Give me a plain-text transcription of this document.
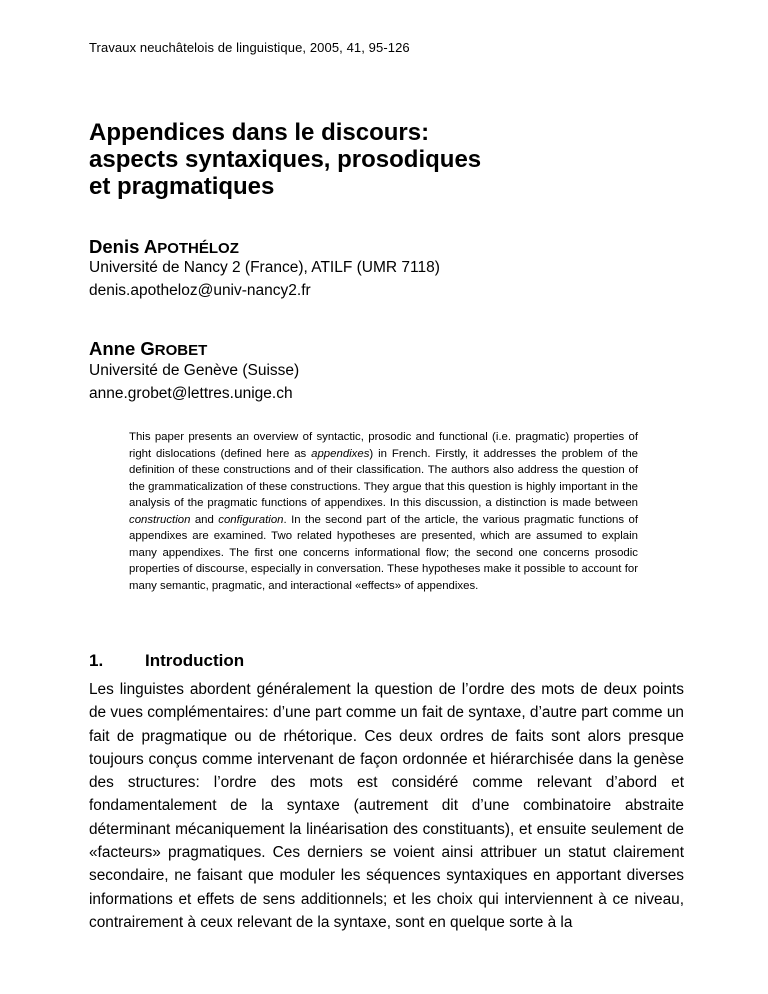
Travaux neuchâtelois de linguistique, 2005, 41, 95-126
Appendices dans le discours:
aspects syntaxiques, prosodiques
et pragmatiques
Denis APOTHÉLOZ
Université de Nancy 2 (France), ATILF (UMR 7118)
denis.apotheloz@univ-nancy2.fr
Anne GROBET
Université de Genève (Suisse)
anne.grobet@lettres.unige.ch

This paper presents an overview of syntactic, prosodic and functional (i.e. pragmatic) properties of right dislocations (defined here as appendixes) in French. Firstly, it addresses the problem of the definition of these constructions and of their classification. The authors also address the question of the grammaticalization of these constructions. They argue that this question is highly important in the analysis of the pragmatic functions of appendixes. In this discussion, a distinction is made between construction and configuration. In the second part of the article, the various pragmatic functions of appendixes are examined. Two related hypotheses are presented, which are assumed to explain many appendixes. The first one concerns informational flow; the second one concerns prosodic properties of discourse, especially in conversation. These hypotheses make it possible to account for many semantic, pragmatic, and interactional «effects» of appendixes.

1. Introduction

Les linguistes abordent généralement la question de l’ordre des mots de deux points de vues complémentaires: d’une part comme un fait de syntaxe, d’autre part comme un fait de pragmatique ou de rhétorique. Ces deux ordres de faits sont alors presque toujours conçus comme intervenant de façon ordonnée et hiérarchisée dans la genèse des structures: l’ordre des mots est considéré comme relevant d’abord et fondamentalement de la syntaxe (autrement dit d’une combinatoire abstraite déterminant mécaniquement la linéarisation des constituants), et ensuite seulement de «facteurs» pragmatiques. Ces derniers se voient ainsi attribuer un statut clairement secondaire, ne faisant que moduler les séquences syntaxiques en apportant diverses informations et effets de sens additionnels; et les choix qui interviennent à ce niveau, contrairement à ceux relevant de la syntaxe, sont en quelque sorte à la
